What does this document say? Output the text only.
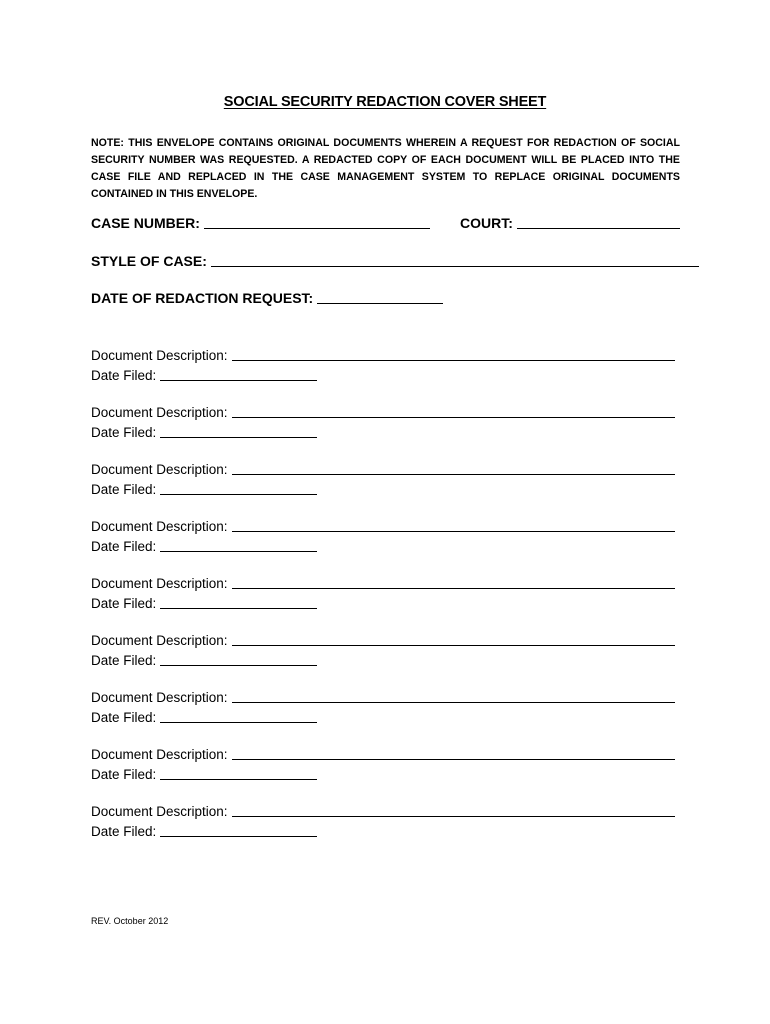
SOCIAL SECURITY REDACTION COVER SHEET
NOTE: THIS ENVELOPE CONTAINS ORIGINAL DOCUMENTS WHEREIN A REQUEST FOR REDACTION OF SOCIAL SECURITY NUMBER WAS REQUESTED. A REDACTED COPY OF EACH DOCUMENT WILL BE PLACED INTO THE CASE FILE AND REPLACED IN THE CASE MANAGEMENT SYSTEM TO REPLACE ORIGINAL DOCUMENTS CONTAINED IN THIS ENVELOPE.
CASE NUMBER:	COURT:
STYLE OF CASE:
DATE OF REDACTION REQUEST:
Document Description:
Date Filed:
Document Description:
Date Filed:
Document Description:
Date Filed:
Document Description:
Date Filed:
Document Description:
Date Filed:
Document Description:
Date Filed:
Document Description:
Date Filed:
Document Description:
Date Filed:
Document Description:
Date Filed:
REV. October 2012
